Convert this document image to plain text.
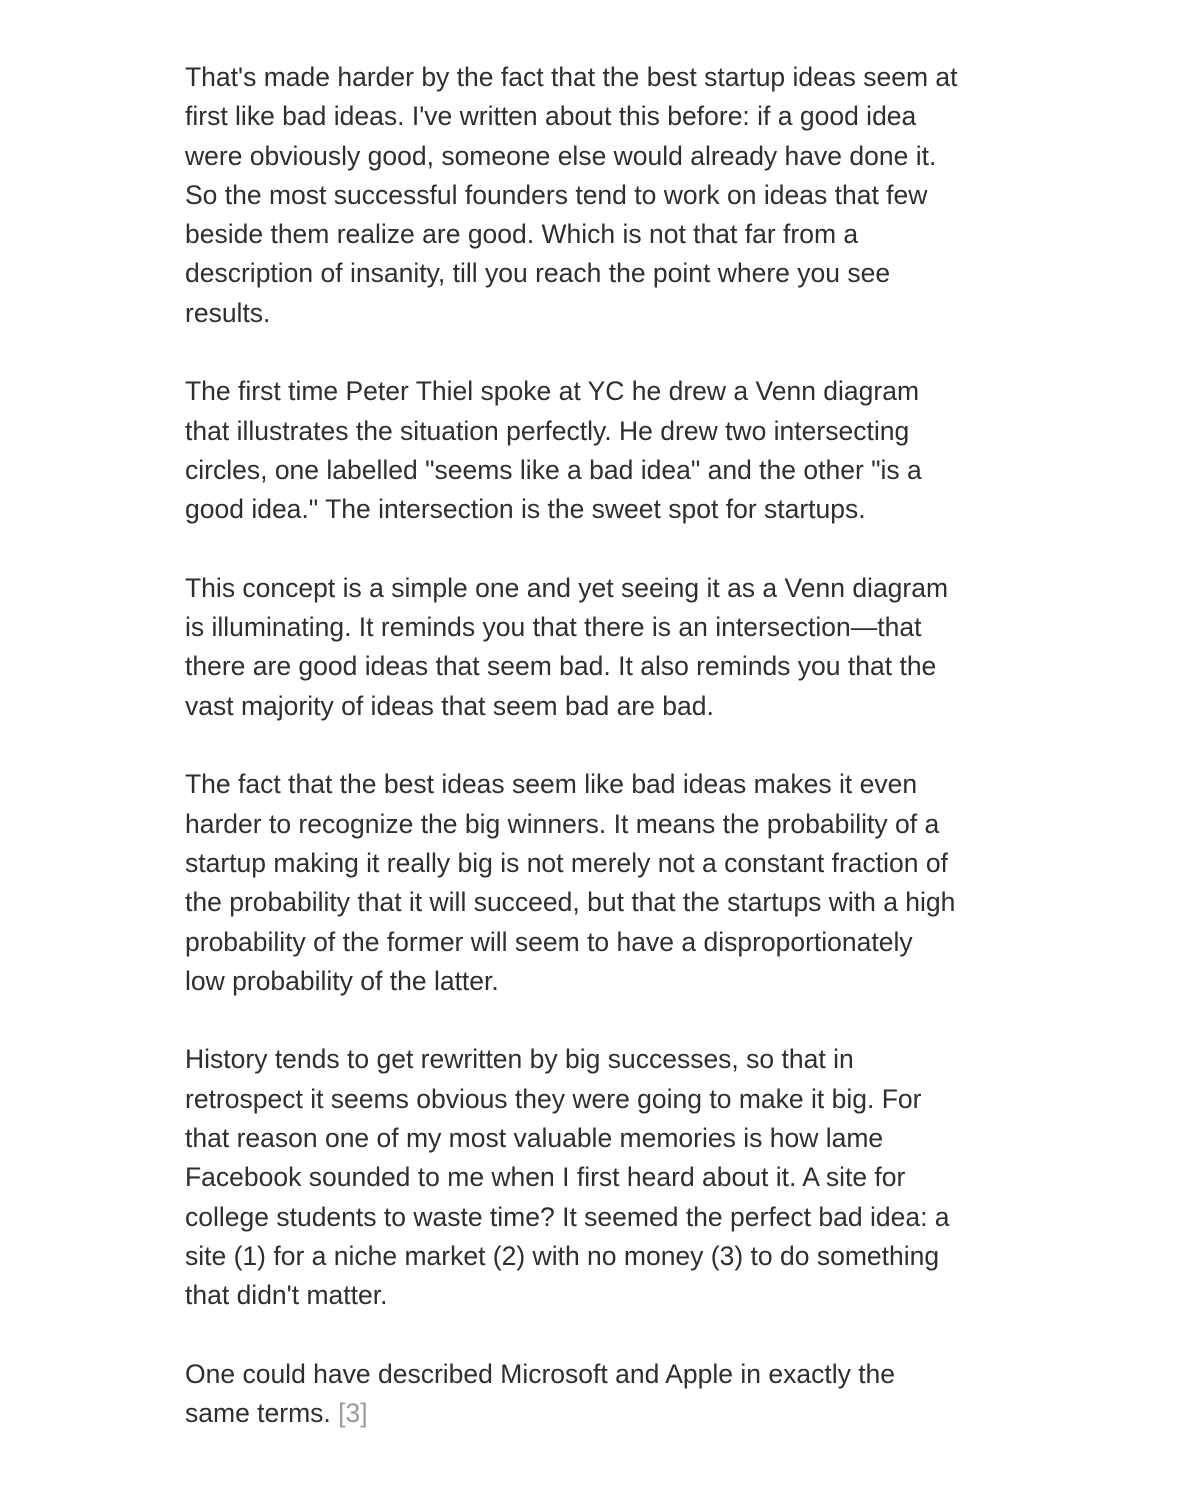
That's made harder by the fact that the best startup ideas seem at
first like bad ideas. I've written about this before: if a good idea
were obviously good, someone else would already have done it.
So the most successful founders tend to work on ideas that few
beside them realize are good. Which is not that far from a
description of insanity, till you reach the point where you see
results.

The first time Peter Thiel spoke at YC he drew a Venn diagram
that illustrates the situation perfectly. He drew two intersecting
circles, one labelled "seems like a bad idea" and the other "is a
good idea." The intersection is the sweet spot for startups.

This concept is a simple one and yet seeing it as a Venn diagram
is illuminating. It reminds you that there is an intersection—that
there are good ideas that seem bad. It also reminds you that the
vast majority of ideas that seem bad are bad.

The fact that the best ideas seem like bad ideas makes it even
harder to recognize the big winners. It means the probability of a
startup making it really big is not merely not a constant fraction of
the probability that it will succeed, but that the startups with a high
probability of the former will seem to have a disproportionately
low probability of the latter.

History tends to get rewritten by big successes, so that in
retrospect it seems obvious they were going to make it big. For
that reason one of my most valuable memories is how lame
Facebook sounded to me when I first heard about it. A site for
college students to waste time? It seemed the perfect bad idea: a
site (1) for a niche market (2) with no money (3) to do something
that didn't matter.

One could have described Microsoft and Apple in exactly the
same terms. [3]
